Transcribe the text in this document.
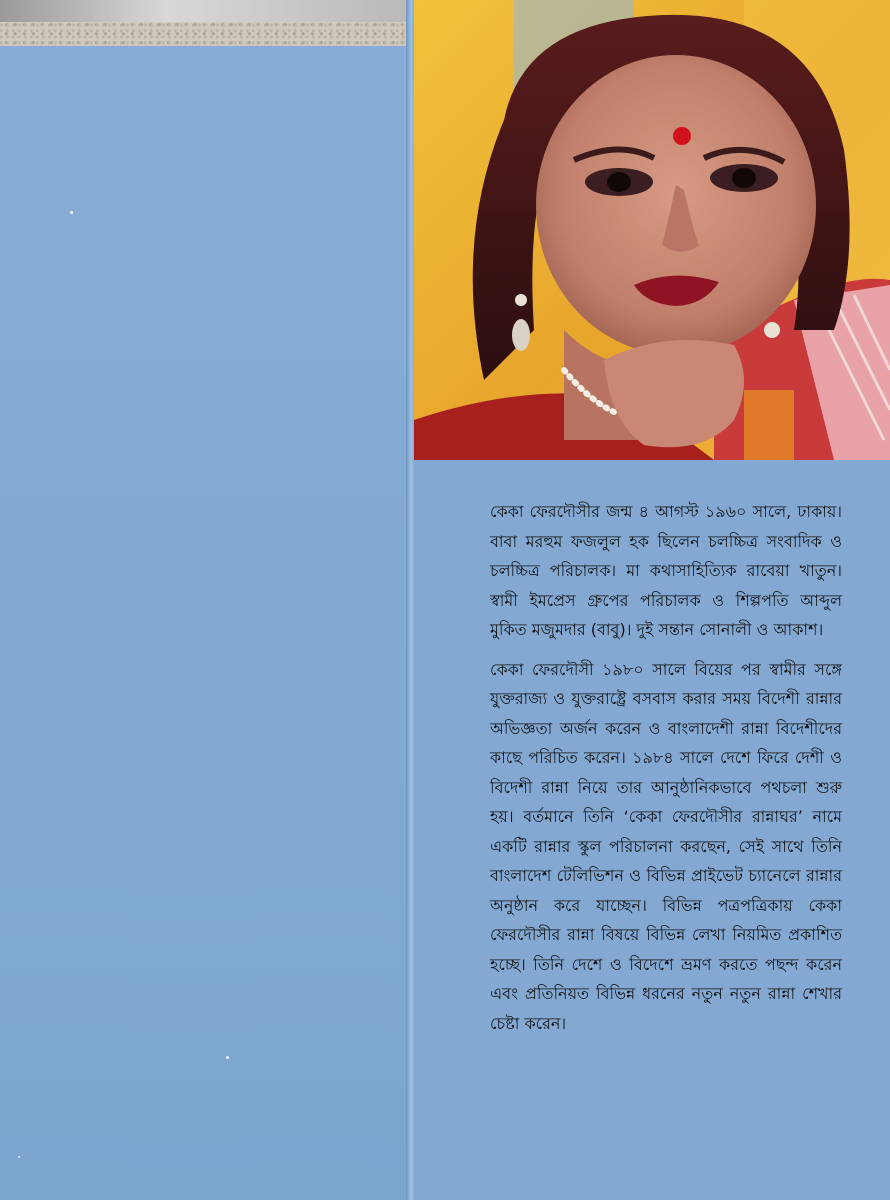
কেকা ফেরদৌসীর জন্ম ৪ আগস্ট ১৯৬০ সালে, ঢাকায়। বাবা মরহুম ফজলুল হক ছিলেন চলচ্চিত্র সংবাদিক ও চলচ্চিত্র পরিচালক। মা কথাসাহিত্যিক রাবেয়া খাতুন। স্বামী ইমপ্রেস গ্রুপের পরিচালক ও শিল্পপতি আব্দুল মুকিত মজুমদার (বাবু)। দুই সন্তান সোনালী ও আকাশ।

কেকা ফেরদৌসী ১৯৮০ সালে বিয়ের পর স্বামীর সঙ্গে যুক্তরাজ্য ও যুক্তরাষ্ট্রে বসবাস করার সময় বিদেশী রান্নার অভিজ্ঞতা অর্জন করেন ও বাংলাদেশী রান্না বিদেশীদের কাছে পরিচিত করেন। ১৯৮৪ সালে দেশে ফিরে দেশী ও বিদেশী রান্না নিয়ে তার আনুষ্ঠানিকভাবে পথচলা শুরু হয়। বর্তমানে তিনি ‘কেকা ফেরদৌসীর রান্নাঘর’ নামে একটি রান্নার স্কুল পরিচালনা করছেন, সেই সাথে তিনি বাংলাদেশ টেলিভিশন ও বিভিন্ন প্রাইভেট চ্যানেলে রান্নার অনুষ্ঠান করে যাচ্ছেন। বিভিন্ন পত্রপত্রিকায় কেকা ফেরদৌসীর রান্না বিষয়ে বিভিন্ন লেখা নিয়মিত প্রকাশিত হচ্ছে। তিনি দেশে ও বিদেশে ভ্রমণ করতে পছন্দ করেন এবং প্রতিনিয়ত বিভিন্ন ধরনের নতুন নতুন রান্না শেখার চেষ্টা করেন।
